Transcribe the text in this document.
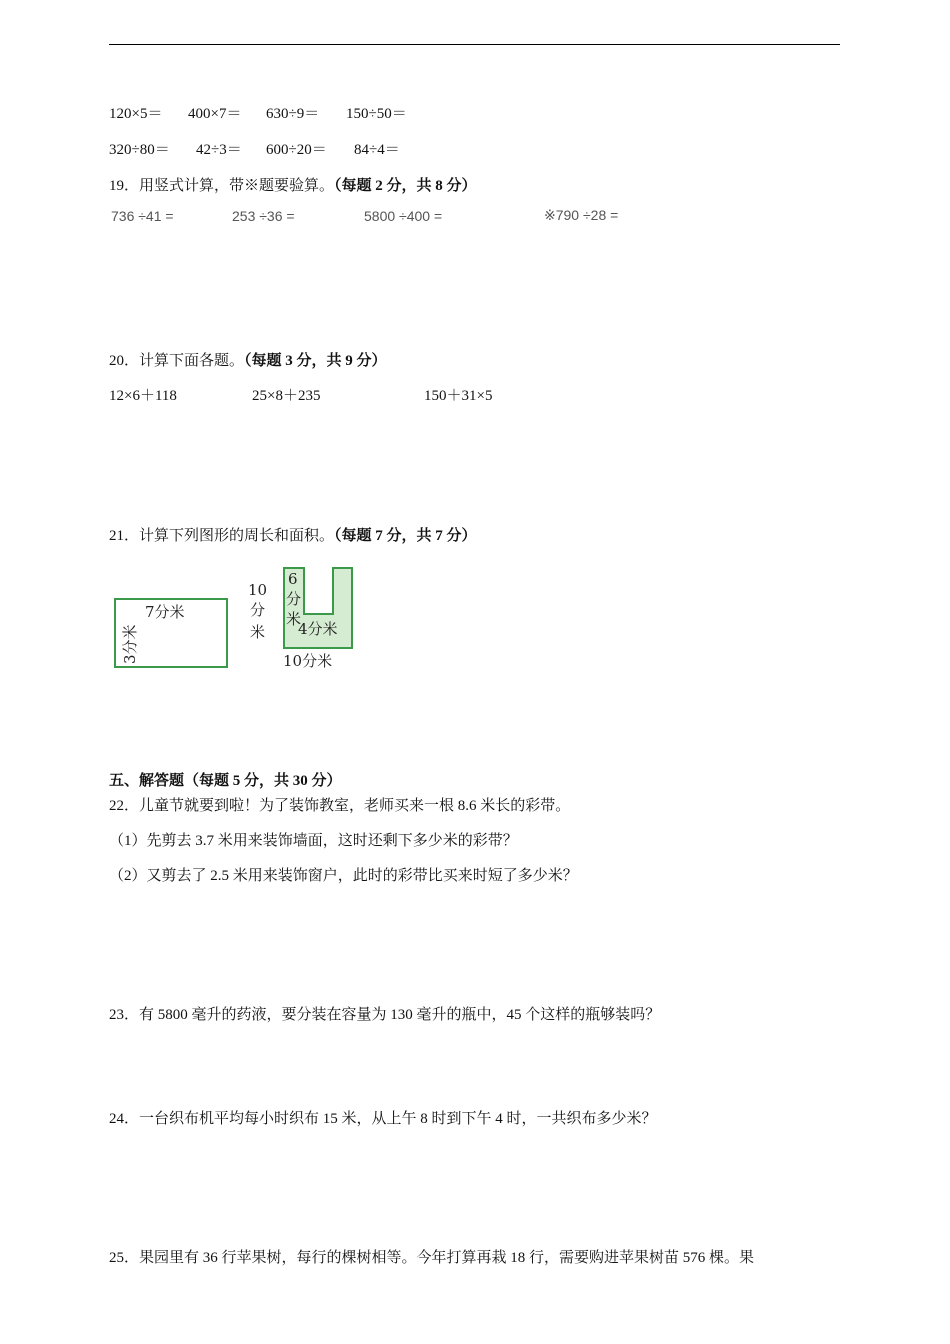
120×5＝ 400×7＝ 630÷9＝ 150÷50＝
320÷80＝ 42÷3＝ 600÷20＝ 84÷4＝
19．用竖式计算，带※题要验算。（每题 2 分，共 8 分）
736 ÷41 =	253 ÷36 =	5800 ÷400 =	※790 ÷28 =
20．计算下面各题。（每题 3 分，共 9 分）
12×6＋118	25×8＋235	150＋31×5
21．计算下列图形的周长和面积。（每题 7 分，共 7 分）
7分米
3分米
10
分
米
6
分
米
4分米
10分米
五、解答题（每题 5 分，共 30 分）
22．儿童节就要到啦！为了装饰教室，老师买来一根 8.6 米长的彩带。
（1）先剪去 3.7 米用来装饰墙面，这时还剩下多少米的彩带？
（2）又剪去了 2.5 米用来装饰窗户，此时的彩带比买来时短了多少米？
23．有 5800 毫升的药液，要分装在容量为 130 毫升的瓶中，45 个这样的瓶够装吗？
24．一台织布机平均每小时织布 15 米，从上午 8 时到下午 4 时，一共织布多少米？
25．果园里有 36 行苹果树，每行的棵树相等。今年打算再栽 18 行，需要购进苹果树苗 576 棵。果
